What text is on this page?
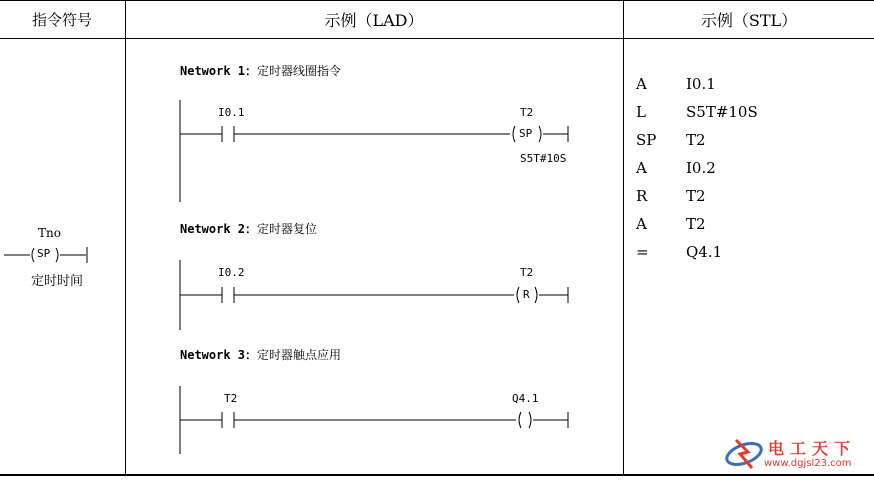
指令符号	示例（LAD）	示例（STL）
Tno
SP
定时时间
Network 1：定时器线圈指令
I0.1	T2
SP
S5T#10S
Network 2：定时器复位
I0.2	T2
R
Network 3：定时器触点应用
T2	Q4.1
A	I0.1
L	S5T#10S
SP	T2
A	I0.2
R	T2
A	T2
=	Q4.1
电工天下
www.dgjsl23.com
